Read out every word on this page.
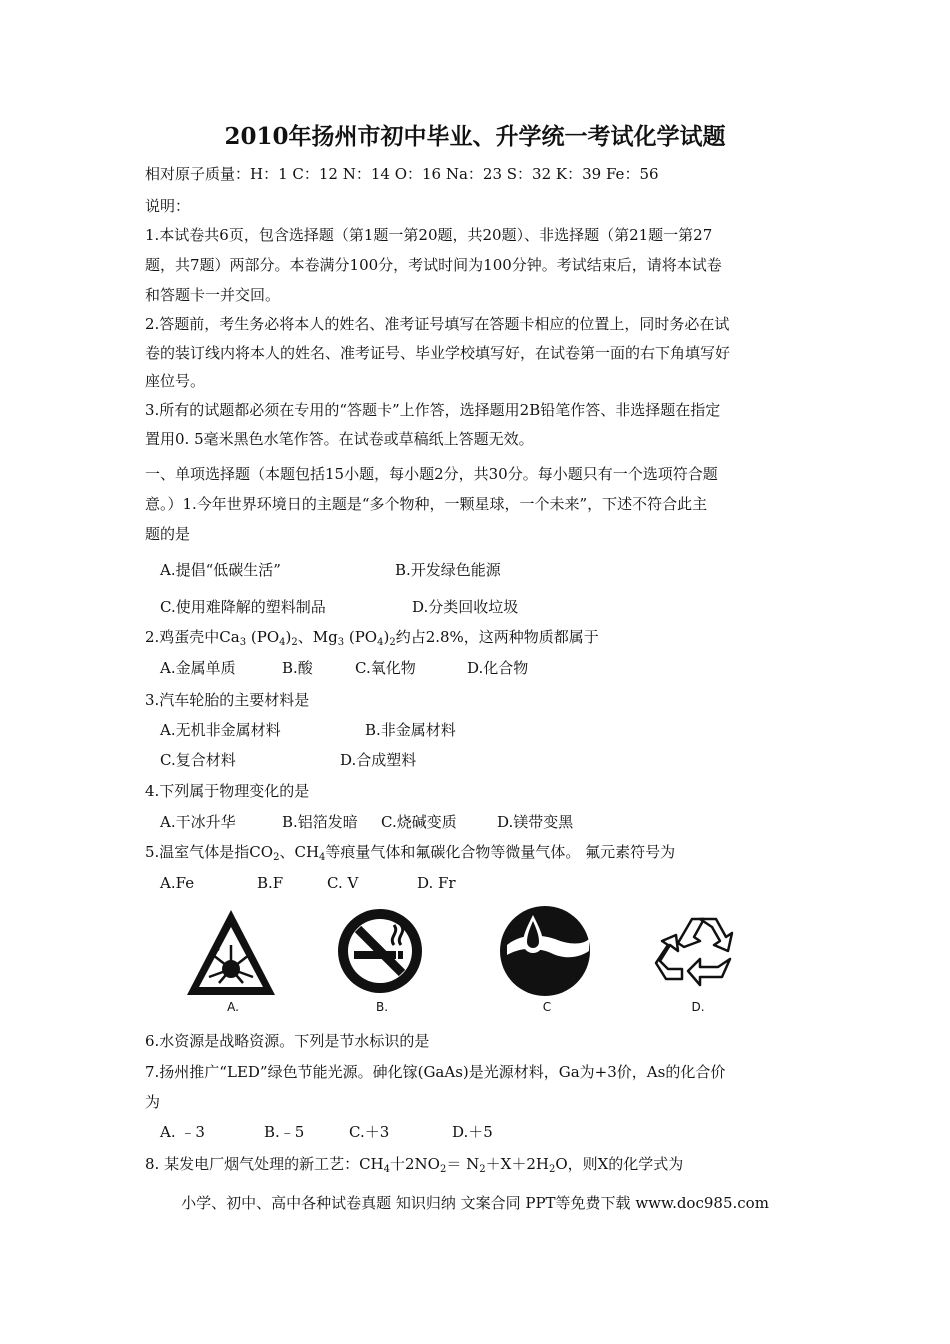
2010年扬州市初中毕业、升学统一考试化学试题
相对原子质量：H：1 C：12 N：14 O：16 Na：23 S：32 K：39 Fe：56
说明：
1.本试卷共6页，包含选择题（第1题一第20题，共20题）、非选择题（第21题一第27
题，共7题）两部分。本卷满分100分，考试时间为100分钟。考试结束后，请将本试卷
和答题卡一并交回。
2.答题前，考生务必将本人的姓名、准考证号填写在答题卡相应的位置上，同时务必在试
卷的装订线内将本人的姓名、准考证号、毕业学校填写好，在试卷第一面的右下角填写好
座位号。
3.所有的试题都必须在专用的“答题卡”上作答，选择题用2B铅笔作答、非选择题在指定
置用0. 5毫米黑色水笔作答。在试卷或草稿纸上答题无效。
一、单项选择题（本题包括15小题，每小题2分，共30分。每小题只有一个选项符合题
意。）1.今年世界环境日的主题是“多个物种，一颗星球，一个未来”，下述不符合此主
题的是
A.提倡“低碳生活”	B.开发绿色能源
C.使用难降解的塑料制品	D.分类回收垃圾
2.鸡蛋壳中$Ca_3$ $(PO_4)_2$、$Mg_3$ $(PO_4)_2$约占2.8%，这两种物质都属于
A.金属单质	B.酸	C.氧化物	D.化合物
3.汽车轮胎的主要材料是
A.无机非金属材料	B.非金属材料
C.复合材料	D.合成塑料
4.下列属于物理变化的是
A.干冰升华	B.铝箔发暗 C.烧碱变质	D.镁带变黑
5.温室气体是指$CO_2$、$CH_4$等痕量气体和氟碳化合物等微量气体。 氟元素符号为
A.Fe	B.F	C. V	D. Fr
A.	B.	C	D.
6.水资源是战略资源。下列是节水标识的是
7.扬州推广“LED”绿色节能光源。砷化镓(GaAs)是光源材料，Ga为+3价，As的化合价
为
A. ﹣3	B.﹣5	C.＋3	D.＋5
8. 某发电厂烟气处理的新工艺：$CH_4$十$2NO_2= N_2+X+2H_2O$，则X的化学式为
小学、初中、高中各种试卷真题 知识归纳 文案合同 PPT等免费下载 www.doc985.com
